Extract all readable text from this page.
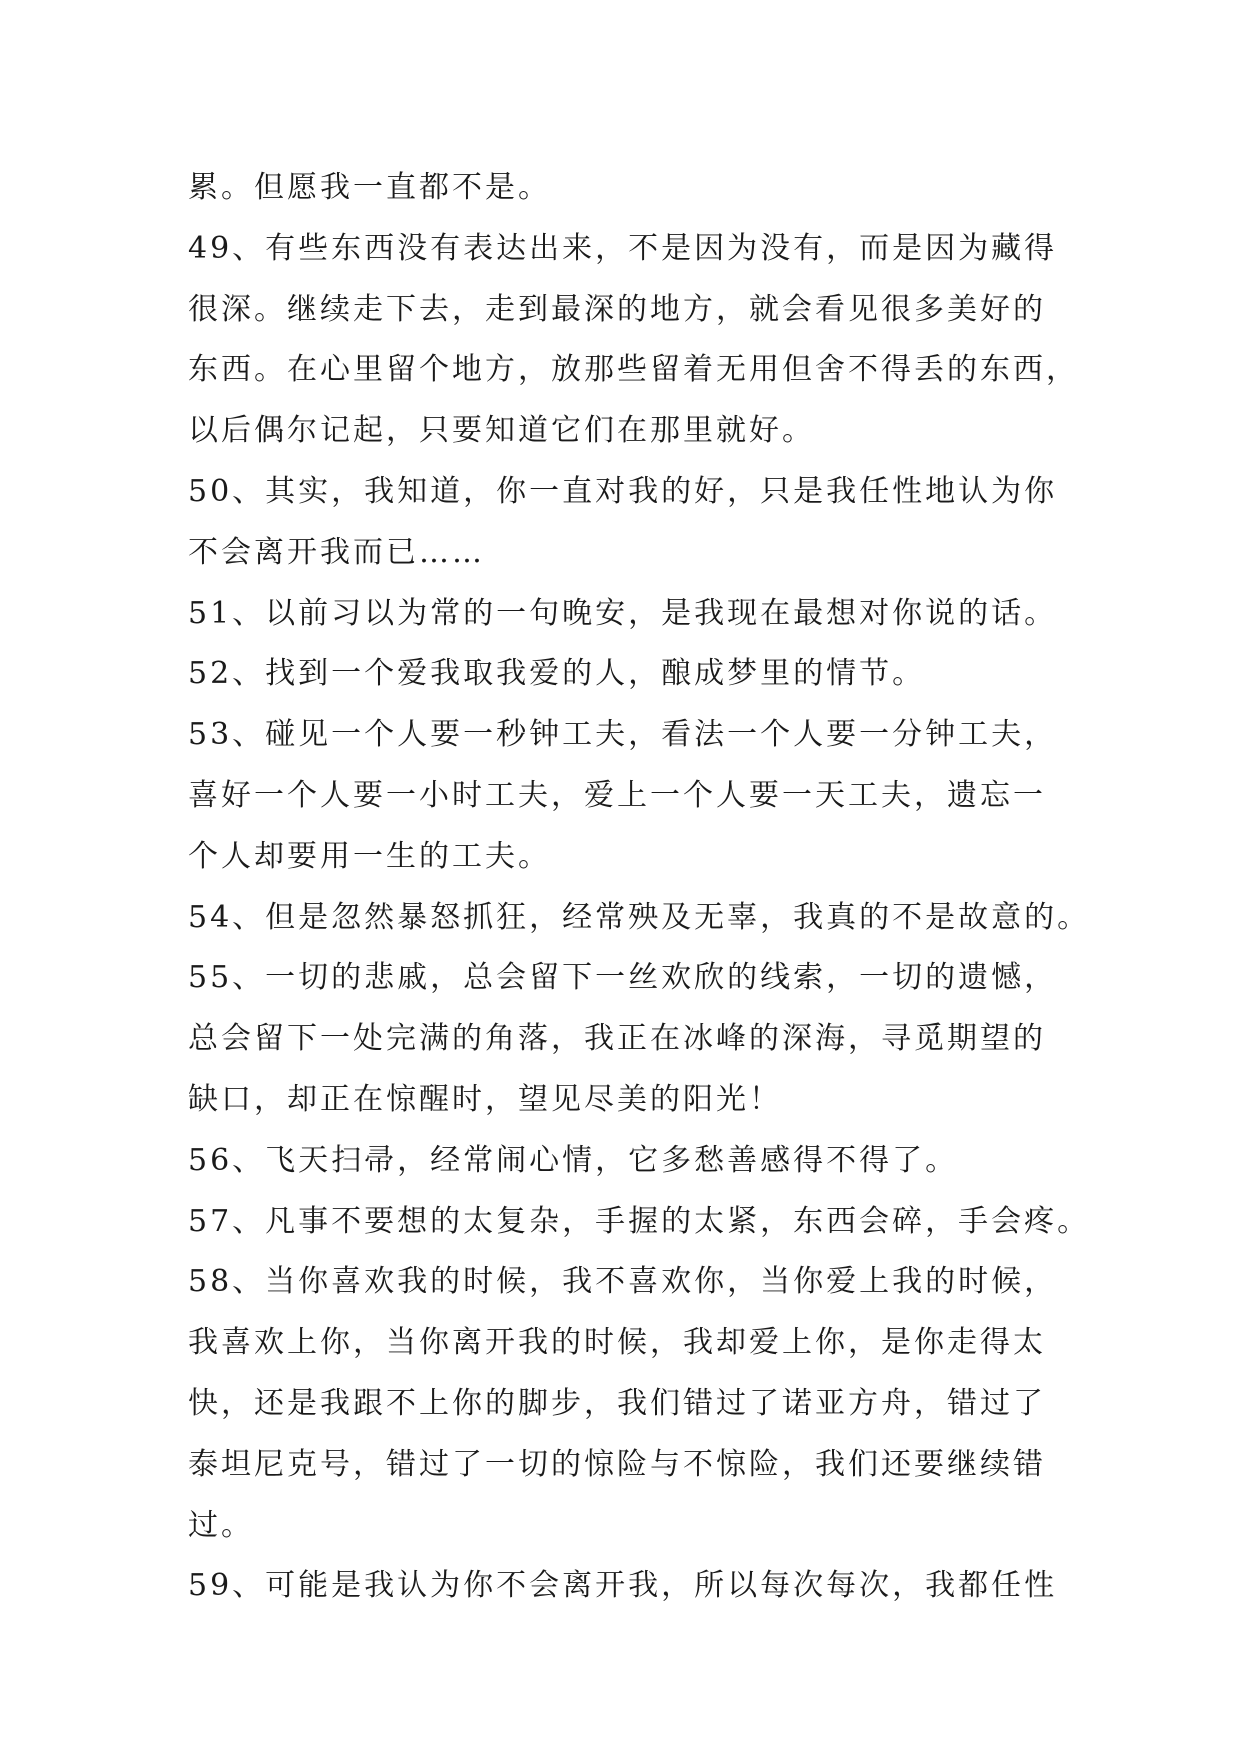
累。但愿我一直都不是。
49、有些东西没有表达出来，不是因为没有，而是因为藏得
很深。继续走下去，走到最深的地方，就会看见很多美好的
东西。在心里留个地方，放那些留着无用但舍不得丢的东西，
以后偶尔记起，只要知道它们在那里就好。
50、其实，我知道，你一直对我的好，只是我任性地认为你
不会离开我而已……
51、以前习以为常的一句晚安，是我现在最想对你说的话。
52、找到一个爱我取我爱的人，酿成梦里的情节。
53、碰见一个人要一秒钟工夫，看法一个人要一分钟工夫，
喜好一个人要一小时工夫，爱上一个人要一天工夫，遗忘一
个人却要用一生的工夫。
54、但是忽然暴怒抓狂，经常殃及无辜，我真的不是故意的。
55、一切的悲戚，总会留下一丝欢欣的线索，一切的遗憾，
总会留下一处完满的角落，我正在冰峰的深海，寻觅期望的
缺口，却正在惊醒时，望见尽美的阳光！
56、飞天扫帚，经常闹心情，它多愁善感得不得了。
57、凡事不要想的太复杂，手握的太紧，东西会碎，手会疼。
58、当你喜欢我的时候，我不喜欢你，当你爱上我的时候，
我喜欢上你，当你离开我的时候，我却爱上你，是你走得太
快，还是我跟不上你的脚步，我们错过了诺亚方舟，错过了
泰坦尼克号，错过了一切的惊险与不惊险，我们还要继续错
过。
59、可能是我认为你不会离开我，所以每次每次，我都任性
